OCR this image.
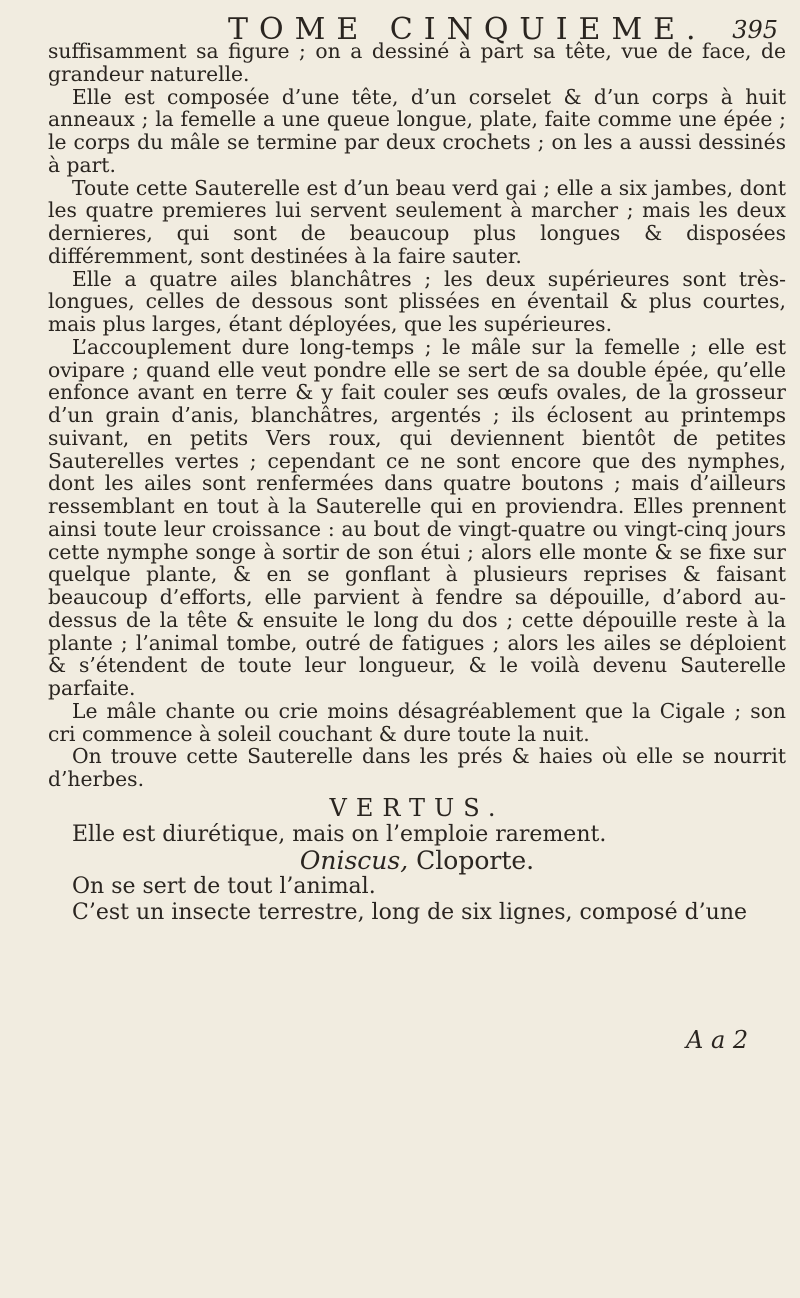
TOME CINQUIEME. 395

suffisamment sa figure ; on a dessiné à part sa tête, vue de face, de grandeur naturelle.

Elle est composée d’une tête, d’un corselet & d’un corps à huit anneaux ; la femelle a une queue longue, plate, faite comme une épée ; le corps du mâle se termine par deux crochets ; on les a aussi dessinés à part.

Toute cette Sauterelle est d’un beau verd gai ; elle a six jambes, dont les quatre premieres lui servent seulement à marcher ; mais les deux dernieres, qui sont de beaucoup plus longues & disposées différemment, sont destinées à la faire sauter.

Elle a quatre ailes blanchâtres ; les deux supérieures sont très-longues, celles de dessous sont plissées en éventail & plus courtes, mais plus larges, étant déployées, que les supérieures.

L’accouplement dure long-temps ; le mâle sur la femelle ; elle est ovipare ; quand elle veut pondre elle se sert de sa double épée, qu’elle enfonce avant en terre & y fait couler ses œufs ovales, de la grosseur d’un grain d’anis, blanchâtres, argentés ; ils éclosent au printemps suivant, en petits Vers roux, qui deviennent bientôt de petites Sauterelles vertes ; cependant ce ne sont encore que des nymphes, dont les ailes sont renfermées dans quatre boutons ; mais d’ailleurs ressemblant en tout à la Sauterelle qui en proviendra. Elles prennent ainsi toute leur croissance : au bout de vingt-quatre ou vingt-cinq jours cette nymphe songe à sortir de son étui ; alors elle monte & se fixe sur quelque plante, & en se gonflant à plusieurs reprises & faisant beaucoup d’efforts, elle parvient à fendre sa dépouille, d’abord au-dessus de la tête & ensuite le long du dos ; cette dépouille reste à la plante ; l’animal tombe, outré de fatigues ; alors les ailes se déploient & s’étendent de toute leur longueur, & le voilà devenu Sauterelle parfaite.

Le mâle chante ou crie moins désagréablement que la Cigale ; son cri commence à soleil couchant & dure toute la nuit.

On trouve cette Sauterelle dans les prés & haies où elle se nourrit d’herbes.

VERTUS.

Elle est diurétique, mais on l’emploie rarement.

Oniscus, Cloporte.

On se sert de tout l’animal.

C’est un insecte terrestre, long de six lignes, composé d’une

A a 2
